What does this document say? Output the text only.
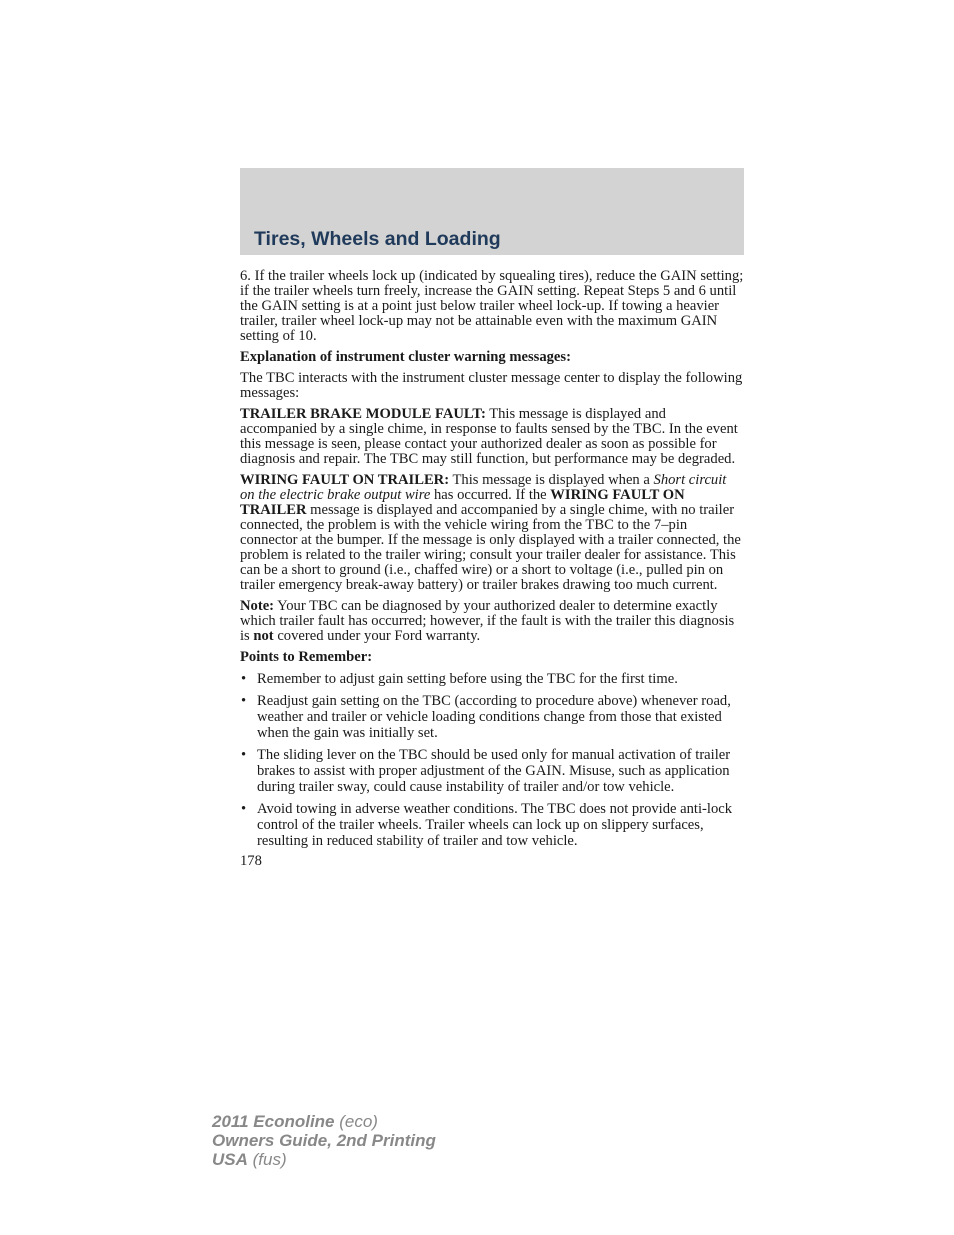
Tires, Wheels and Loading

6. If the trailer wheels lock up (indicated by squealing tires), reduce the GAIN setting; if the trailer wheels turn freely, increase the GAIN setting. Repeat Steps 5 and 6 until the GAIN setting is at a point just below trailer wheel lock-up. If towing a heavier trailer, trailer wheel lock-up may not be attainable even with the maximum GAIN setting of 10.

Explanation of instrument cluster warning messages:

The TBC interacts with the instrument cluster message center to display the following messages:

TRAILER BRAKE MODULE FAULT: This message is displayed and accompanied by a single chime, in response to faults sensed by the TBC. In the event this message is seen, please contact your authorized dealer as soon as possible for diagnosis and repair. The TBC may still function, but performance may be degraded.

WIRING FAULT ON TRAILER: This message is displayed when a Short circuit on the electric brake output wire has occurred. If the WIRING FAULT ON TRAILER message is displayed and accompanied by a single chime, with no trailer connected, the problem is with the vehicle wiring from the TBC to the 7–pin connector at the bumper. If the message is only displayed with a trailer connected, the problem is related to the trailer wiring; consult your trailer dealer for assistance. This can be a short to ground (i.e., chaffed wire) or a short to voltage (i.e., pulled pin on trailer emergency break-away battery) or trailer brakes drawing too much current.

Note: Your TBC can be diagnosed by your authorized dealer to determine exactly which trailer fault has occurred; however, if the fault is with the trailer this diagnosis is not covered under your Ford warranty.

Points to Remember:

• Remember to adjust gain setting before using the TBC for the first time.
• Readjust gain setting on the TBC (according to procedure above) whenever road, weather and trailer or vehicle loading conditions change from those that existed when the gain was initially set.
• The sliding lever on the TBC should be used only for manual activation of trailer brakes to assist with proper adjustment of the GAIN. Misuse, such as application during trailer sway, could cause instability of trailer and/or tow vehicle.
• Avoid towing in adverse weather conditions. The TBC does not provide anti-lock control of the trailer wheels. Trailer wheels can lock up on slippery surfaces, resulting in reduced stability of trailer and tow vehicle.
178
2011 Econoline (eco)
Owners Guide, 2nd Printing
USA (fus)
